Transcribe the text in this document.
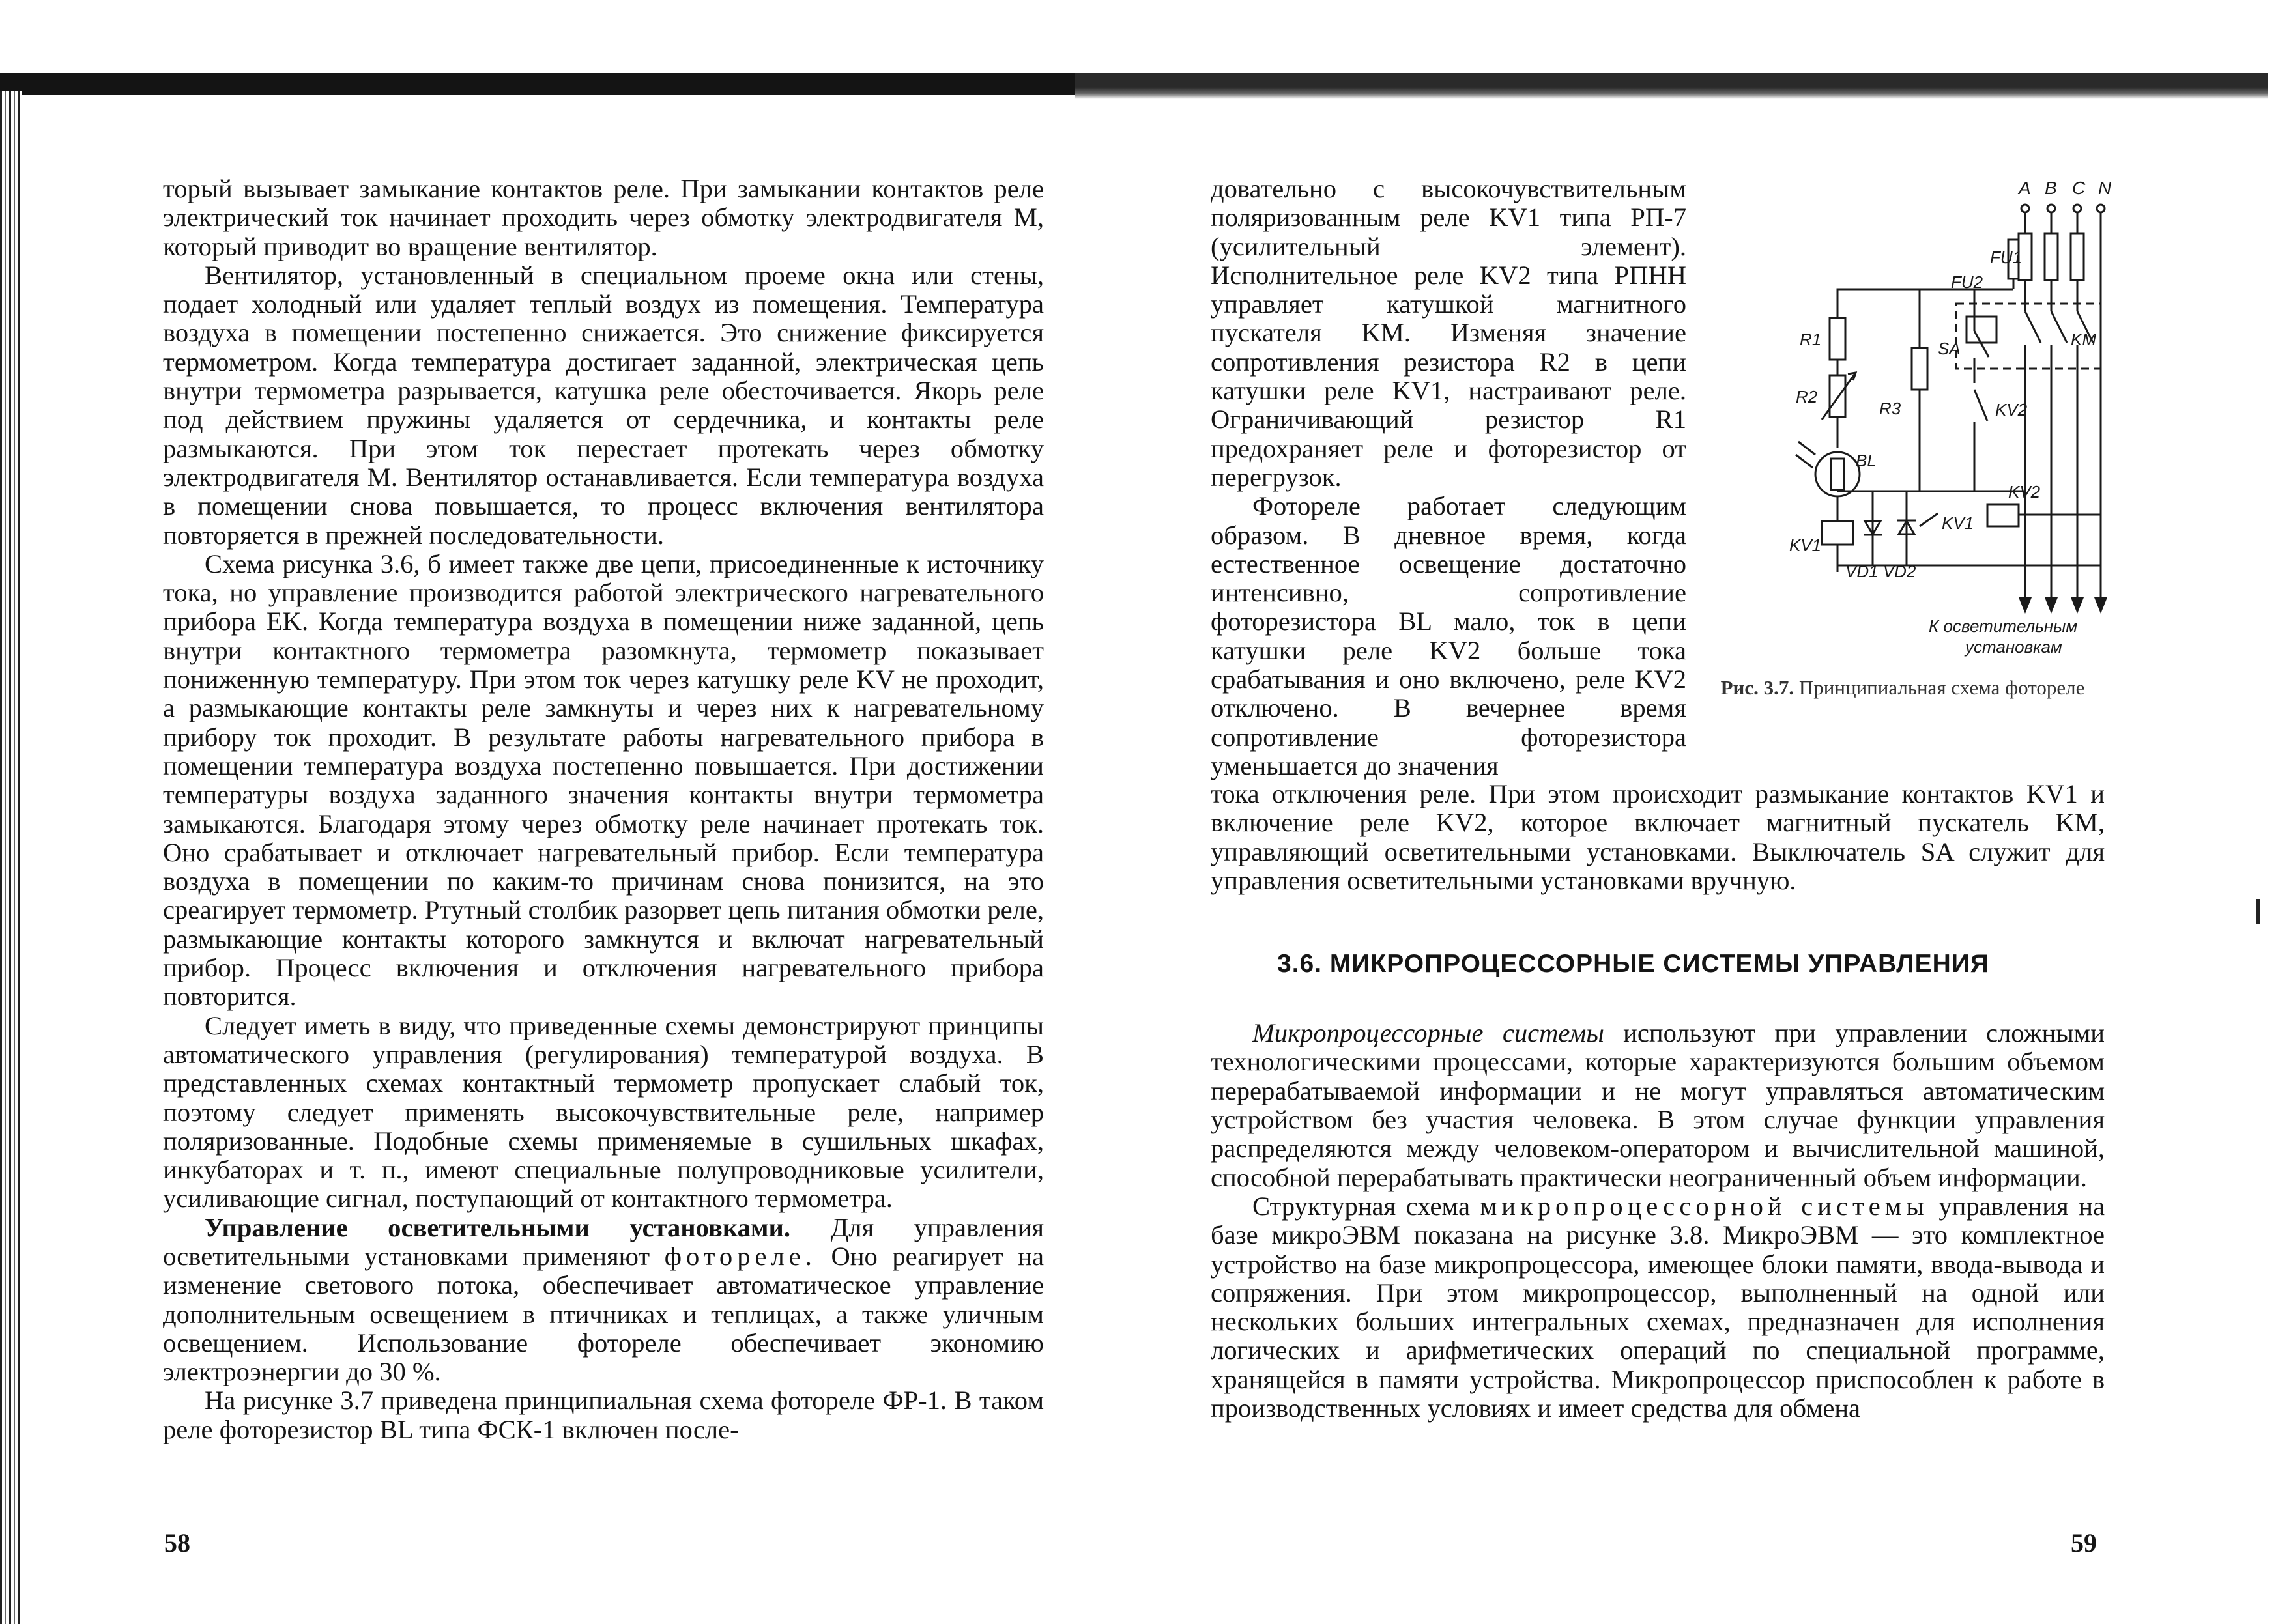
торый вызывает замыкание контактов реле. При замыкании контактов реле электрический ток начинает проходить через обмотку электродвигателя M, который приводит во вращение вентилятор.

Вентилятор, установленный в специальном проеме окна или стены, подает холодный или удаляет теплый воздух из помещения. Температура воздуха в помещении постепенно снижается. Это снижение фиксируется термометром. Когда температура достигает заданной, электрическая цепь внутри термометра разрывается, катушка реле обесточивается. Якорь реле под действием пружины удаляется от сердечника, и контакты реле размыкаются. При этом ток перестает протекать через обмотку электродвигателя M. Вентилятор останавливается. Если температура воздуха в помещении снова повышается, то процесс включения вентилятора повторяется в прежней последовательности.

Схема рисунка 3.6, б имеет также две цепи, присоединенные к источнику тока, но управление производится работой электрического нагревательного прибора EK. Когда температура воздуха в помещении ниже заданной, цепь внутри контактного термометра разомкнута, термометр показывает пониженную температуру. При этом ток через катушку реле KV не проходит, а размыкающие контакты реле замкнуты и через них к нагревательному прибору ток проходит. В результате работы нагревательного прибора в помещении температура воздуха постепенно повышается. При достижении температуры воздуха заданного значения контакты внутри термометра замыкаются. Благодаря этому через обмотку реле начинает протекать ток. Оно срабатывает и отключает нагревательный прибор. Если температура воздуха в помещении по каким-то причинам снова понизится, на это среагирует термометр. Ртутный столбик разорвет цепь питания обмотки реле, размыкающие контакты которого замкнутся и включат нагревательный прибор. Процесс включения и отключения нагревательного прибора повторится.

Следует иметь в виду, что приведенные схемы демонстрируют принципы автоматического управления (регулирования) температурой воздуха. В представленных схемах контактный термометр пропускает слабый ток, поэтому следует применять высокочувствительные реле, например поляризованные. Подобные схемы применяемые в сушильных шкафах, инкубаторах и т. п., имеют специальные полупроводниковые усилители, усиливающие сигнал, поступающий от контактного термометра.

Управление осветительными установками. Для управления осветительными установками применяют фотореле. Оно реагирует на изменение светового потока, обеспечивает автоматическое управление дополнительным освещением в птичниках и теплицах, а также уличным освещением. Использование фотореле обеспечивает экономию электроэнергии до 30 %.

На рисунке 3.7 приведена принципиальная схема фотореле ФР-1. В таком реле фоторезистор BL типа ФСК-1 включен после-

58

довательно с высокочувствительным поляризованным реле KV1 типа РП-7 (усилительный элемент). Исполнительное реле KV2 типа РПНН управляет катушкой магнитного пускателя KM. Изменяя значение сопротивления резистора R2 в цепи катушки реле KV1, настраивают реле. Ограничивающий резистор R1 предохраняет реле и фоторезистор от перегрузок.

Фотореле работает следующим образом. В дневное время, когда естественное освещение достаточно интенсивно, сопротивление фоторезистора BL мало, ток в цепи катушки реле KV2 больше тока срабатывания и оно включено, реле KV2 отключено. В вечернее время сопротивление фоторезистора уменьшается до значения

A B C N
FU1
FU2
R1
R2
R3
SA	KM
KV2
BL
KV2
KV1
KV1
VD1 VD2
К осветительным
установкам
Рис. 3.7. Принципиальная схема фотореле

тока отключения реле. При этом происходит размыкание контактов KV1 и включение реле KV2, которое включает магнитный пускатель KM, управляющий осветительными установками. Выключатель SA служит для управления осветительными установками вручную.

3.6. МИКРОПРОЦЕССОРНЫЕ СИСТЕМЫ УПРАВЛЕНИЯ

Микропроцессорные системы используют при управлении сложными технологическими процессами, которые характеризуются большим объемом перерабатываемой информации и не могут управляться автоматическим устройством без участия человека. В этом случае функции управления распределяются между человеком-оператором и вычислительной машиной, способной перерабатывать практически неограниченный объем информации.

Структурная схема микропроцессорной системы управления на базе микроЭВМ показана на рисунке 3.8. МикроЭВМ — это комплектное устройство на базе микропроцессора, имеющее блоки памяти, ввода-вывода и сопряжения. При этом микропроцессор, выполненный на одной или нескольких больших интегральных схемах, предназначен для исполнения логических и арифметических операций по специальной программе, хранящейся в памяти устройства. Микропроцессор приспособлен к работе в производственных условиях и имеет средства для обмена

59
